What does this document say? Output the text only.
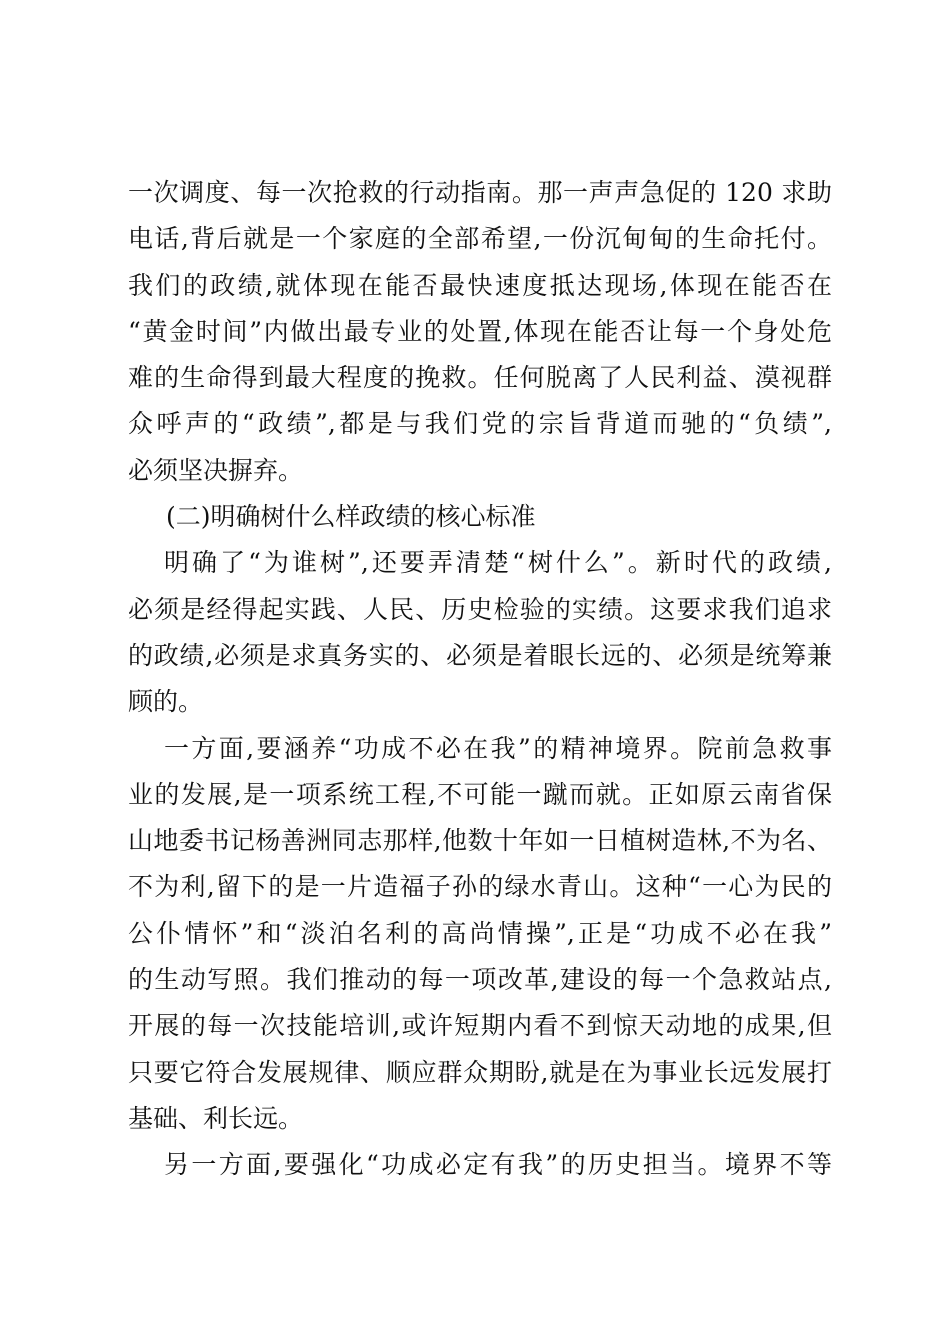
一次调度、每一次抢救的行动指南。那一声声急促的 120 求助
电话,背后就是一个家庭的全部希望,一份沉甸甸的生命托付。
我们的政绩,就体现在能否最快速度抵达现场,体现在能否在
“黄金时间”内做出最专业的处置,体现在能否让每一个身处危
难的生命得到最大程度的挽救。任何脱离了人民利益、漠视群
众呼声的“政绩”,都是与我们党的宗旨背道而驰的“负绩”,
必须坚决摒弃。
(二)明确树什么样政绩的核心标准
明确了“为谁树”,还要弄清楚“树什么”。新时代的政绩,
必须是经得起实践、人民、历史检验的实绩。这要求我们追求
的政绩,必须是求真务实的、必须是着眼长远的、必须是统筹兼
顾的。
一方面,要涵养“功成不必在我”的精神境界。院前急救事
业的发展,是一项系统工程,不可能一蹴而就。正如原云南省保
山地委书记杨善洲同志那样,他数十年如一日植树造林,不为名、
不为利,留下的是一片造福子孙的绿水青山。这种“一心为民的
公仆情怀”和“淡泊名利的高尚情操”,正是“功成不必在我”
的生动写照。我们推动的每一项改革,建设的每一个急救站点,
开展的每一次技能培训,或许短期内看不到惊天动地的成果,但
只要它符合发展规律、顺应群众期盼,就是在为事业长远发展打
基础、利长远。
另一方面,要强化“功成必定有我”的历史担当。境界不等
